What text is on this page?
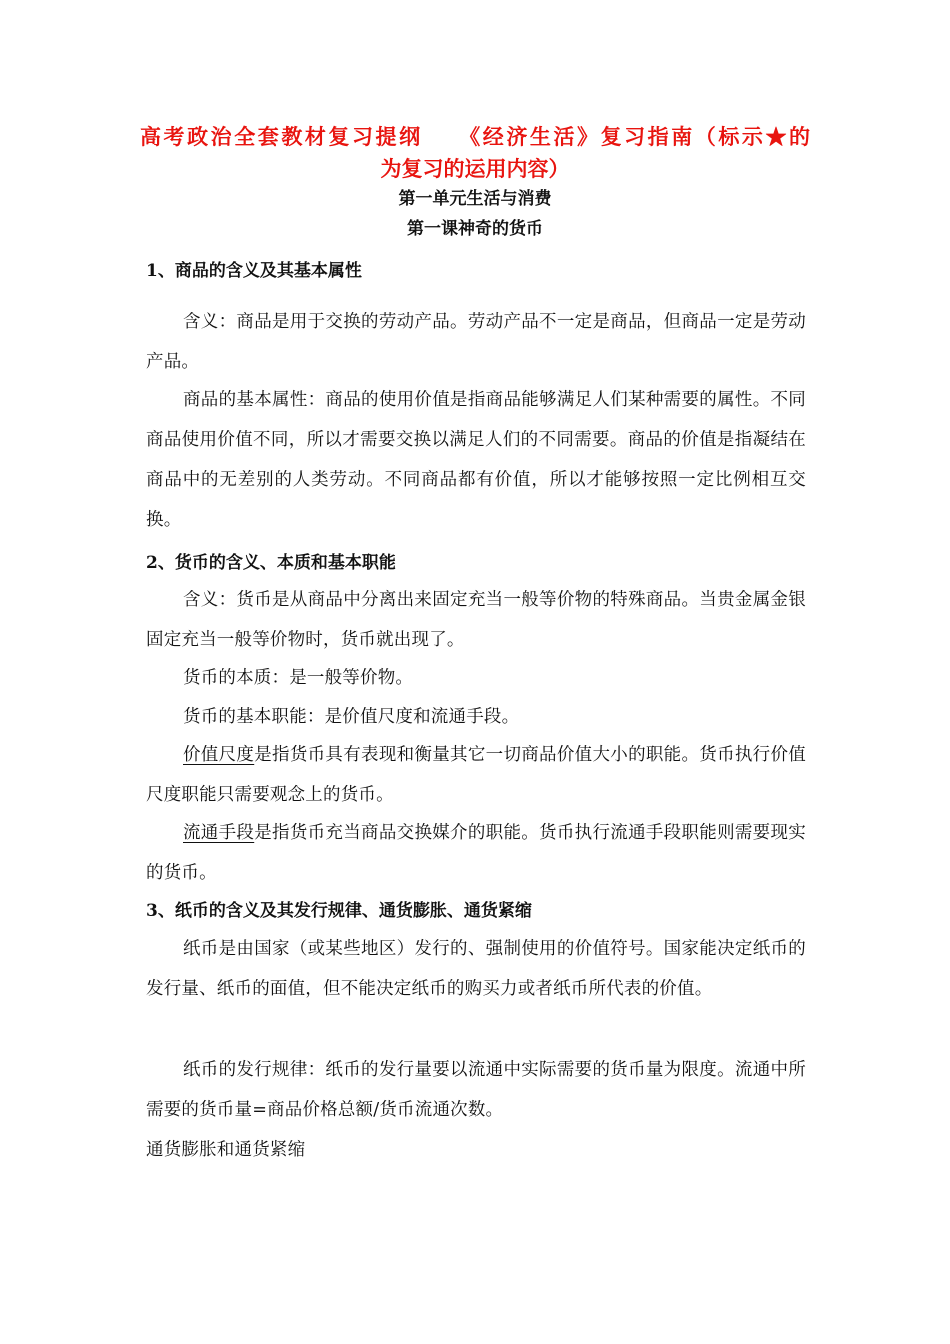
高考政治全套教材复习提纲　　《经济生活》复习指南（标示★的
为复习的运用内容）
第一单元生活与消费
第一课神奇的货币
1、商品的含义及其基本属性

含义：商品是用于交换的劳动产品。劳动产品不一定是商品，但商品一定是劳动产品。

商品的基本属性：商品的使用价值是指商品能够满足人们某种需要的属性。不同商品使用价值不同，所以才需要交换以满足人们的不同需要。商品的价值是指凝结在商品中的无差别的人类劳动。不同商品都有价值，所以才能够按照一定比例相互交换。

2、货币的含义、本质和基本职能

含义：货币是从商品中分离出来固定充当一般等价物的特殊商品。当贵金属金银固定充当一般等价物时，货币就出现了。

货币的本质：是一般等价物。

货币的基本职能：是价值尺度和流通手段。

价值尺度是指货币具有表现和衡量其它一切商品价值大小的职能。货币执行价值尺度职能只需要观念上的货币。

流通手段是指货币充当商品交换媒介的职能。货币执行流通手段职能则需要现实的货币。

3、纸币的含义及其发行规律、通货膨胀、通货紧缩

纸币是由国家（或某些地区）发行的、强制使用的价值符号。国家能决定纸币的发行量、纸币的面值，但不能决定纸币的购买力或者纸币所代表的价值。

纸币的发行规律：纸币的发行量要以流通中实际需要的货币量为限度。流通中所需要的货币量=商品价格总额/货币流通次数。

通货膨胀和通货紧缩
